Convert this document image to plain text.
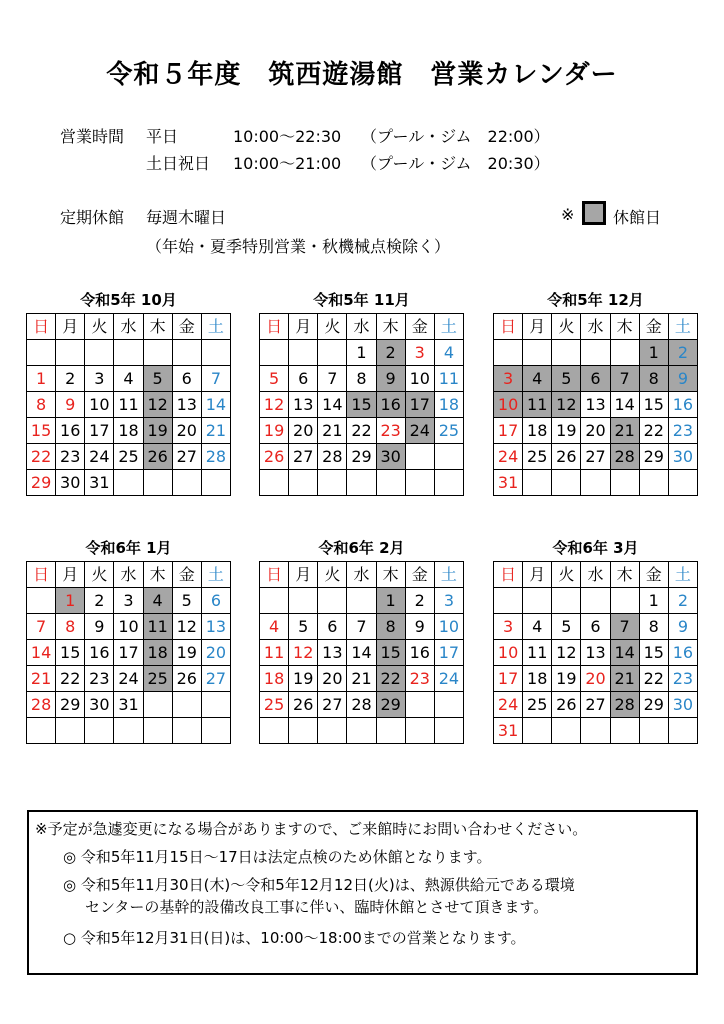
令和５年度　筑西遊湯館　営業カレンダー
営業時間 平日	10:00～22:30 （プール・ジム　22:00）
土日祝日 10:00～21:00 （プール・ジム　20:30）
定期休館 毎週木曜日
（年始・夏季特別営業・秋機械点検除く）
※ 休館日
令和5年 10月
日	月	火	水	木	金	土

1	2	3	4	5	6	7
8	9	10	11	12	13	14
15	16	17	18	19	20	21
22	23	24	25	26	27	28
29	30	31				
令和5年 11月
日	月	火	水	木	金	土
			1	2	3	4
5	6	7	8	9	10	11
12	13	14	15	16	17	18
19	20	21	22	23	24	25
26	27	28	29	30		

令和5年 12月
日	月	火	水	木	金	土
					1	2
3	4	5	6	7	8	9
10	11	12	13	14	15	16
17	18	19	20	21	22	23
24	25	26	27	28	29	30
31						
令和6年 1月
日	月	火	水	木	金	土
	1	2	3	4	5	6
7	8	9	10	11	12	13
14	15	16	17	18	19	20
21	22	23	24	25	26	27
28	29	30	31			

令和6年 2月
日	月	火	水	木	金	土
				1	2	3
4	5	6	7	8	9	10
11	12	13	14	15	16	17
18	19	20	21	22	23	24
25	26	27	28	29		

令和6年 3月
日	月	火	水	木	金	土
					1	2
3	4	5	6	7	8	9
10	11	12	13	14	15	16
17	18	19	20	21	22	23
24	25	26	27	28	29	30
31						

※予定が急遽変更になる場合がありますので、ご来館時にお問い合わせください。

◎ 令和5年11月15日～17日は法定点検のため休館となります。

◎ 令和5年11月30日(木)～令和5年12月12日(火)は、熱源供給元である環境

センターの基幹的設備改良工事に伴い、臨時休館とさせて頂きます。

○ 令和5年12月31日(日)は、10:00～18:00までの営業となります。
